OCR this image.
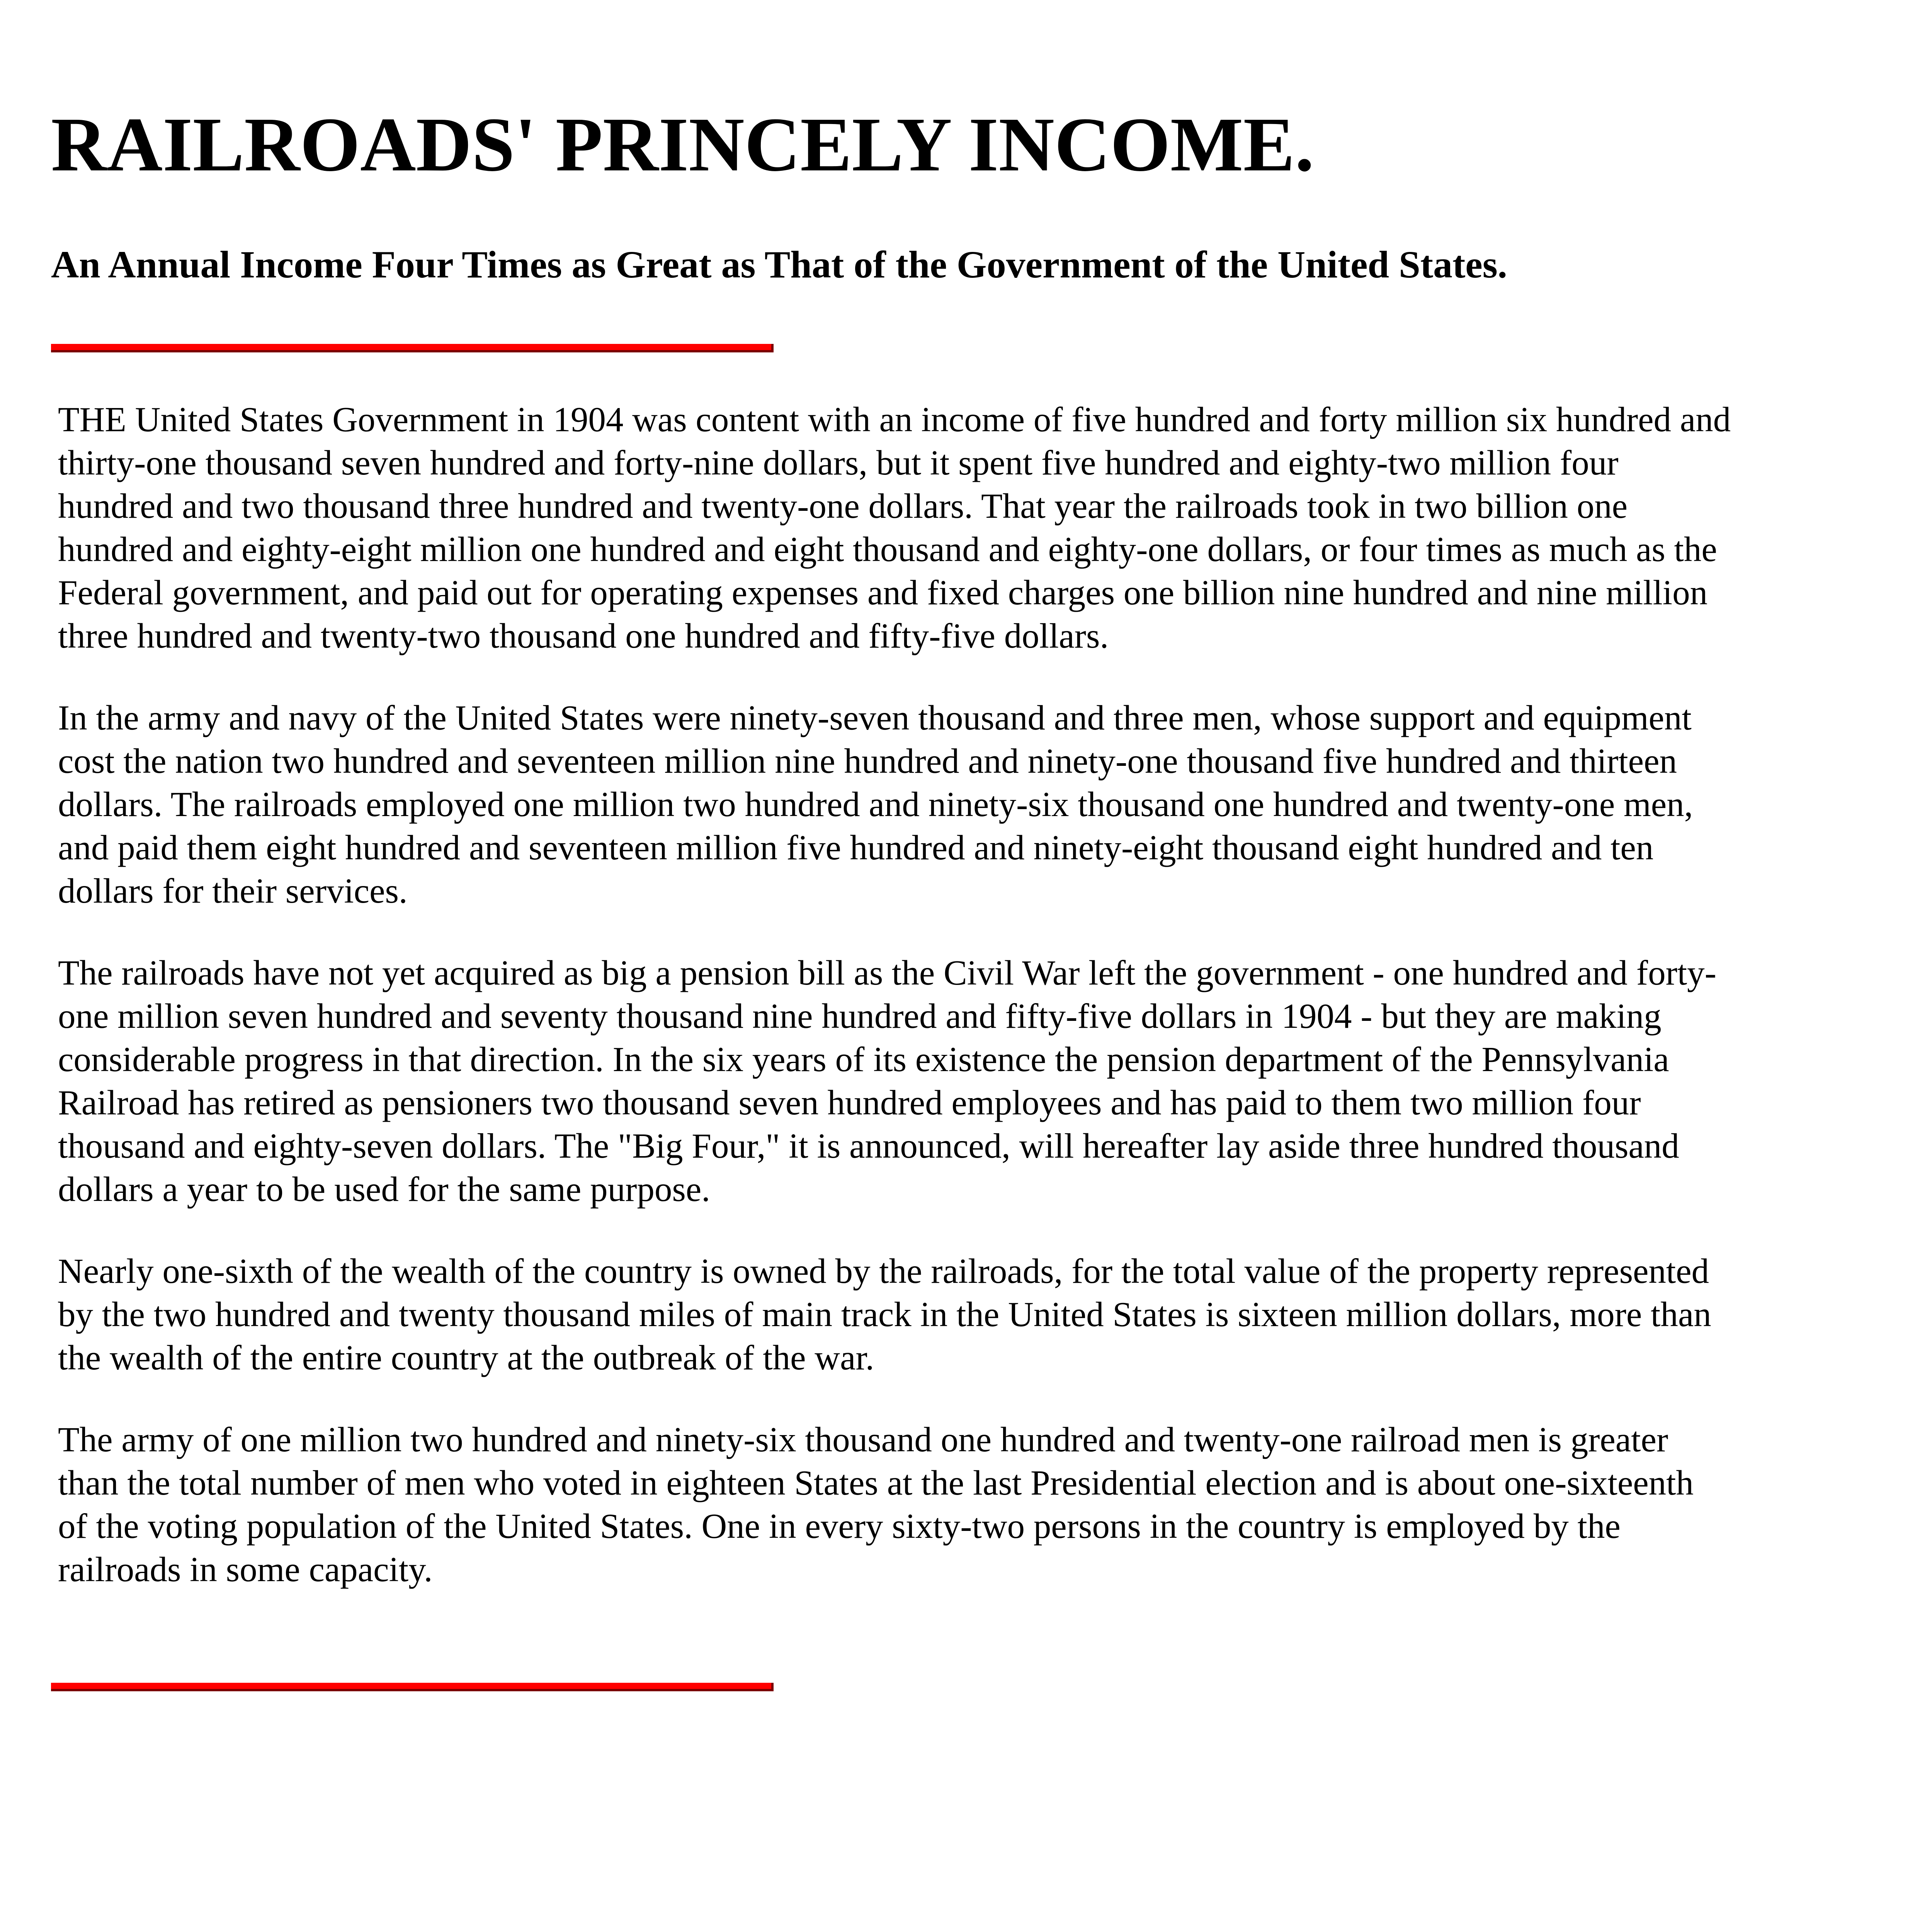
RAILROADS' PRINCELY INCOME.
An Annual Income Four Times as Great as That of the Government of the United States.

THE United States Government in 1904 was content with an income of five hundred and forty million six hundred and thirty-one thousand seven hundred and forty-nine dollars, but it spent five hundred and eighty-two million four hundred and two thousand three hundred and twenty-one dollars. That year the railroads took in two billion one hundred and eighty-eight million one hundred and eight thousand and eighty-one dollars, or four times as much as the Federal government, and paid out for operating expenses and fixed charges one billion nine hundred and nine million three hundred and twenty-two thousand one hundred and fifty-five dollars.

In the army and navy of the United States were ninety-seven thousand and three men, whose support and equipment cost the nation two hundred and seventeen million nine hundred and ninety-one thousand five hundred and thirteen dollars. The railroads employed one million two hundred and ninety-six thousand one hundred and twenty-one men, and paid them eight hundred and seventeen million five hundred and ninety-eight thousand eight hundred and ten dollars for their services.

The railroads have not yet acquired as big a pension bill as the Civil War left the government - one hundred and forty-one million seven hundred and seventy thousand nine hundred and fifty-five dollars in 1904 - but they are making considerable progress in that direction. In the six years of its existence the pension department of the Pennsylvania Railroad has retired as pensioners two thousand seven hundred employees and has paid to them two million four thousand and eighty-seven dollars. The "Big Four," it is announced, will hereafter lay aside three hundred thousand dollars a year to be used for the same purpose.

Nearly one-sixth of the wealth of the country is owned by the railroads, for the total value of the property represented by the two hundred and twenty thousand miles of main track in the United States is sixteen million dollars, more than the wealth of the entire country at the outbreak of the war.

The army of one million two hundred and ninety-six thousand one hundred and twenty-one railroad men is greater than the total number of men who voted in eighteen States at the last Presidential election and is about one-sixteenth of the voting population of the United States. One in every sixty-two persons in the country is employed by the railroads in some capacity.
